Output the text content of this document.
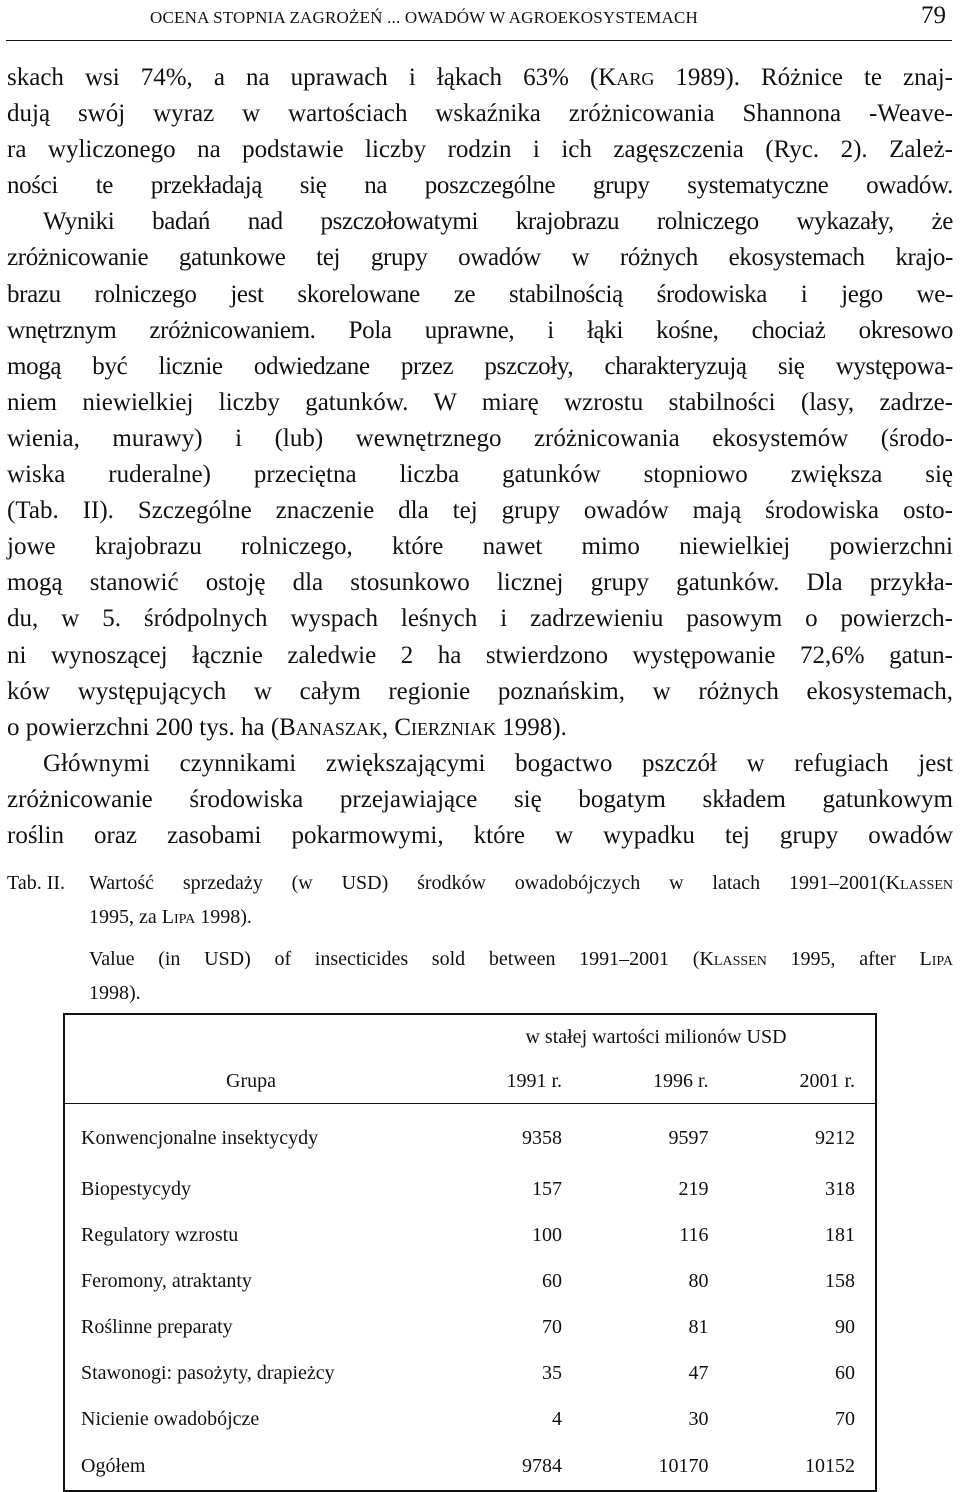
OCENA STOPNIA ZAGROŻEŃ ... OWADÓW W AGROEKOSYSTEMACH	79
skach wsi 74%, a na uprawach i łąkach 63% (Karg 1989). Różnice te znaj-
dują swój wyraz w wartościach wskaźnika zróżnicowania Shannona -Weave-
ra wyliczonego na podstawie liczby rodzin i ich zagęszczenia (Ryc. 2). Zależ-
ności te przekładają się na poszczególne grupy systematyczne owadów.
Wyniki badań nad pszczołowatymi krajobrazu rolniczego wykazały, że
zróżnicowanie gatunkowe tej grupy owadów w różnych ekosystemach krajo-
brazu rolniczego jest skorelowane ze stabilnością środowiska i jego we-
wnętrznym zróżnicowaniem. Pola uprawne, i łąki kośne, chociaż okresowo
mogą być licznie odwiedzane przez pszczoły, charakteryzują się występowa-
niem niewielkiej liczby gatunków. W miarę wzrostu stabilności (lasy, zadrze-
wienia, murawy) i (lub) wewnętrznego zróżnicowania ekosystemów (środo-
wiska ruderalne) przeciętna liczba gatunków stopniowo zwiększa się
(Tab. II). Szczególne znaczenie dla tej grupy owadów mają środowiska osto-
jowe krajobrazu rolniczego, które nawet mimo niewielkiej powierzchni
mogą stanowić ostoję dla stosunkowo licznej grupy gatunków. Dla przykła-
du, w 5. śródpolnych wyspach leśnych i zadrzewieniu pasowym o powierzch-
ni wynoszącej łącznie zaledwie 2 ha stwierdzono występowanie 72,6% gatun-
ków występujących w całym regionie poznańskim, w różnych ekosystemach,
o powierzchni 200 tys. ha (Banaszak, Cierzniak 1998).
Głównymi czynnikami zwiększającymi bogactwo pszczół w refugiach jest
zróżnicowanie środowiska przejawiające się bogatym składem gatunkowym
roślin oraz zasobami pokarmowymi, które w wypadku tej grupy owadów
Tab. II.	Wartość sprzedaży (w USD) środków owadobójczych w latach 1991–2001(Klassen
1995, za Lipa 1998).
Value (in USD) of insecticides sold between 1991–2001 (Klassen 1995, after Lipa
1998).
	w stałej wartości milionów USD		
Grupa	1991 r.	1996 r.	2001 r.
Konwencjonalne insektycydy	9358	9597	9212
Biopestycydy	157	219	318
Regulatory wzrostu	100	116	181
Feromony, atraktanty	60	80	158
Roślinne preparaty	70	81	90
Stawonogi: pasożyty, drapieżcy	35	47	60
Nicienie owadobójcze	4	30	70
Ogółem	9784	10170	10152
